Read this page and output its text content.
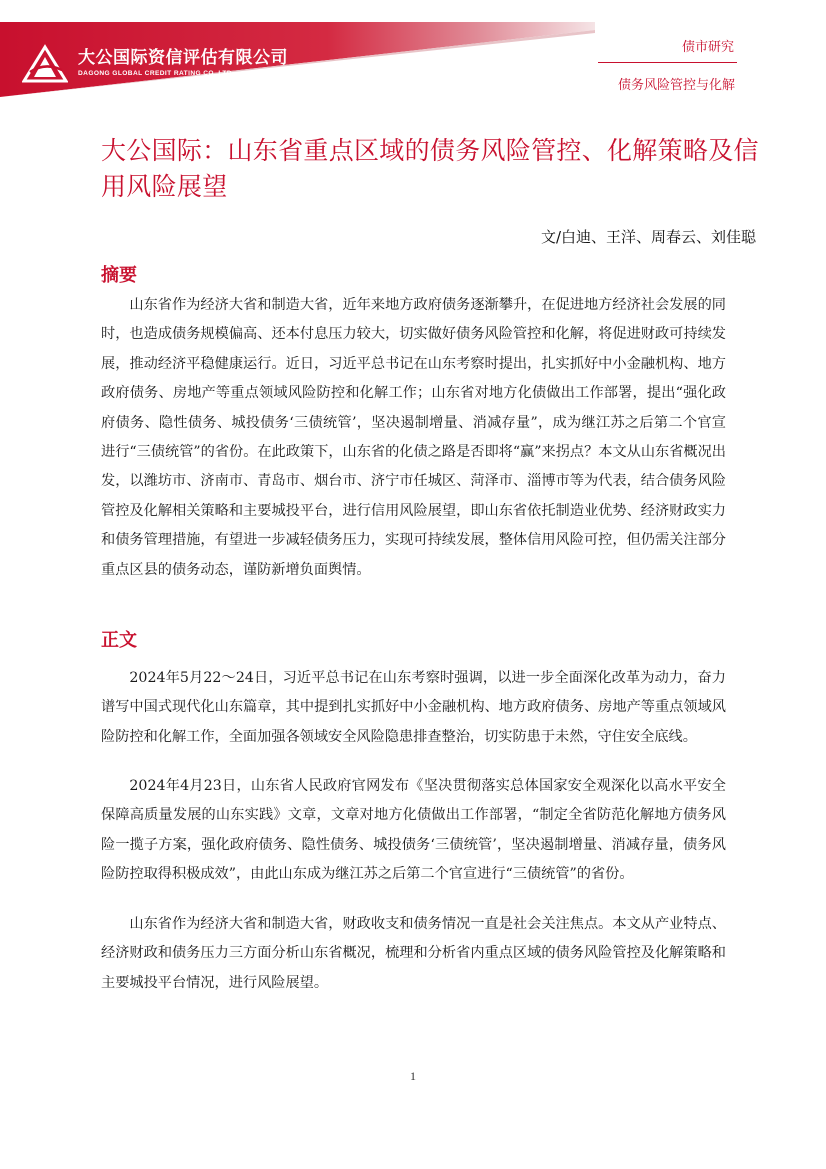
大公国际资信评估有限公司
DAGONG GLOBAL CREDIT RATING CO.,LTD
债市研究
债务风险管控与化解
大公国际：山东省重点区域的债务风险管控、化解策略及信用风险展望
文/白迪、王洋、周春云、刘佳聪
摘要
山东省作为经济大省和制造大省，近年来地方政府债务逐渐攀升，在促进地方经济社会发展的同时，也造成债务规模偏高、还本付息压力较大，切实做好债务风险管控和化解，将促进财政可持续发展，推动经济平稳健康运行。近日，习近平总书记在山东考察时提出，扎实抓好中小金融机构、地方政府债务、房地产等重点领域风险防控和化解工作；山东省对地方化债做出工作部署，提出“强化政府债务、隐性债务、城投债务‘三债统管’，坚决遏制增量、消减存量”，成为继江苏之后第二个官宣进行“三债统管”的省份。在此政策下，山东省的化债之路是否即将“赢”来拐点？本文从山东省概况出发，以潍坊市、济南市、青岛市、烟台市、济宁市任城区、菏泽市、淄博市等为代表，结合债务风险管控及化解相关策略和主要城投平台，进行信用风险展望，即山东省依托制造业优势、经济财政实力和债务管理措施，有望进一步减轻债务压力，实现可持续发展，整体信用风险可控，但仍需关注部分重点区县的债务动态，谨防新增负面舆情。
正文
2024年5月22～24日，习近平总书记在山东考察时强调，以进一步全面深化改革为动力，奋力谱写中国式现代化山东篇章，其中提到扎实抓好中小金融机构、地方政府债务、房地产等重点领域风险防控和化解工作，全面加强各领域安全风险隐患排查整治，切实防患于未然，守住安全底线。
2024年4月23日，山东省人民政府官网发布《坚决贯彻落实总体国家安全观深化以高水平安全保障高质量发展的山东实践》文章，文章对地方化债做出工作部署，“制定全省防范化解地方债务风险一揽子方案，强化政府债务、隐性债务、城投债务‘三债统管’，坚决遏制增量、消减存量，债务风险防控取得积极成效”，由此山东成为继江苏之后第二个官宣进行“三债统管”的省份。
山东省作为经济大省和制造大省，财政收支和债务情况一直是社会关注焦点。本文从产业特点、经济财政和债务压力三方面分析山东省概况，梳理和分析省内重点区域的债务风险管控及化解策略和主要城投平台情况，进行风险展望。
1
